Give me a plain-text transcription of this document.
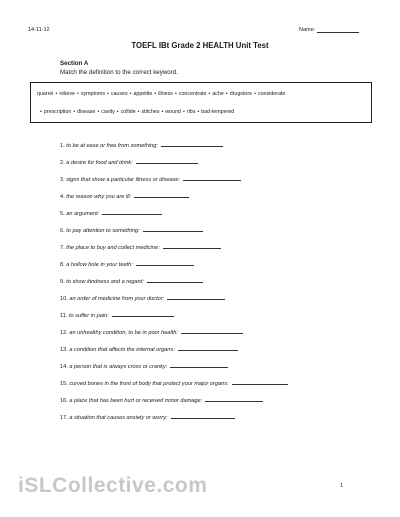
14-11-12	Name:
TOEFL IBt Grade 2 HEALTH Unit Test
Section A
Match the definition to the correct keyword.
quarrel • relieve • symptoms • causes • appetite • illness • concentrate • ache • drugstore • considerate
• prescription • disease • cavity • collide • stitches • wound • ribs • bad-tempered
1. to be at ease or free from something:
2. a desire for food and drink:
3. signs that show a particular illness or disease:
4. the reason why you are ill:
5. an argument:
6. to pay attention to something:
7. the place to buy and collect medicine:
8. a hollow hole in your teeth:
9. to show kindness and a regard:
10. an order of medicine from your doctor:
11. to suffer in pain:
12. an unhealthy condition, to be in poor health:
13. a condition that affects the internal organs:
14. a person that is always cross or cranky:
15. curved bones in the front of body that protect your major organs:
16. a place that has been hurt or received minor damage:
17. a situation that causes anxiety or worry:
iSLCollective.com	1
